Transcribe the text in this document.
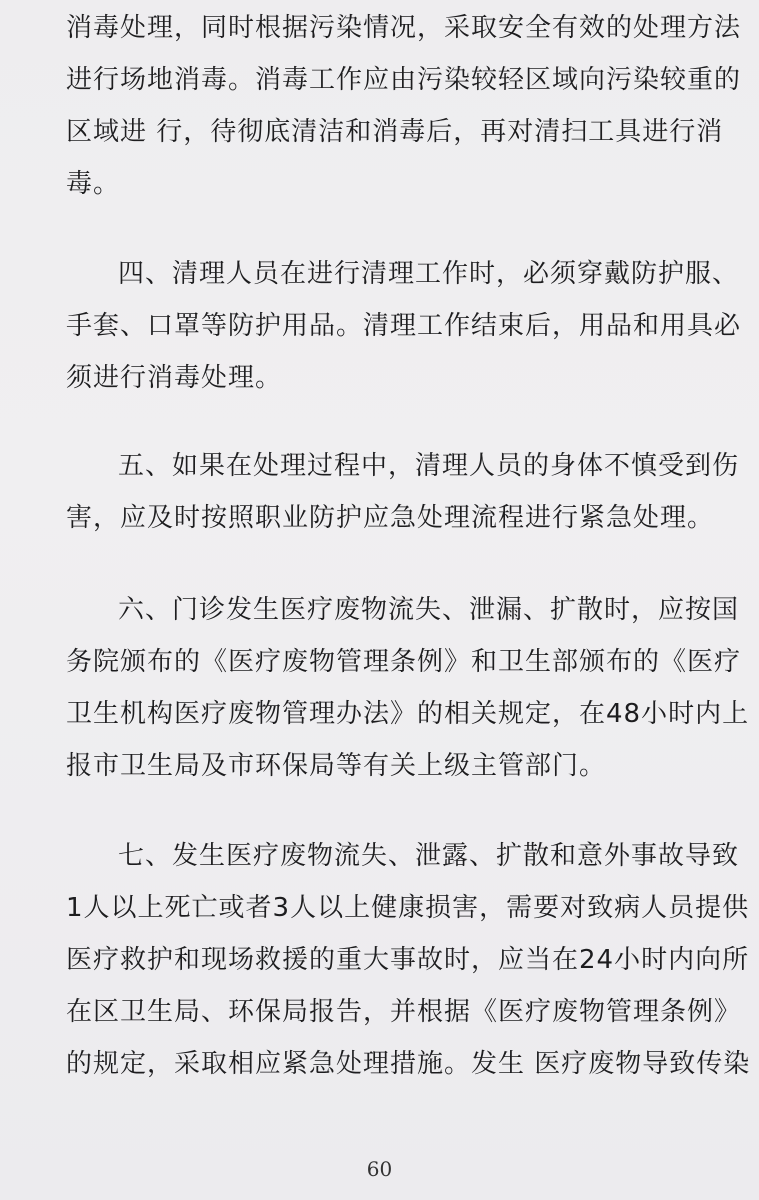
消毒处理，同时根据污染情况，采取安全有效的处理方法
进行场地消毒。消毒工作应由污染较轻区域向污染较重的
区域进 行，待彻底清洁和消毒后，再对清扫工具进行消
毒。

四、清理人员在进行清理工作时，必须穿戴防护服、
手套、口罩等防护用品。清理工作结束后，用品和用具必
须进行消毒处理。

五、如果在处理过程中，清理人员的身体不慎受到伤
害，应及时按照职业防护应急处理流程进行紧急处理。

六、门诊发生医疗废物流失、泄漏、扩散时，应按国
务院颁布的《医疗废物管理条例》和卫生部颁布的《医疗
卫生机构医疗废物管理办法》的相关规定，在48小时内上
报市卫生局及市环保局等有关上级主管部门。

七、发生医疗废物流失、泄露、扩散和意外事故导致
1人以上死亡或者3人以上健康损害，需要对致病人员提供
医疗救护和现场救援的重大事故时，应当在24小时内向所
在区卫生局、环保局报告，并根据《医疗废物管理条例》
的规定，采取相应紧急处理措施。发生 医疗废物导致传染

60
